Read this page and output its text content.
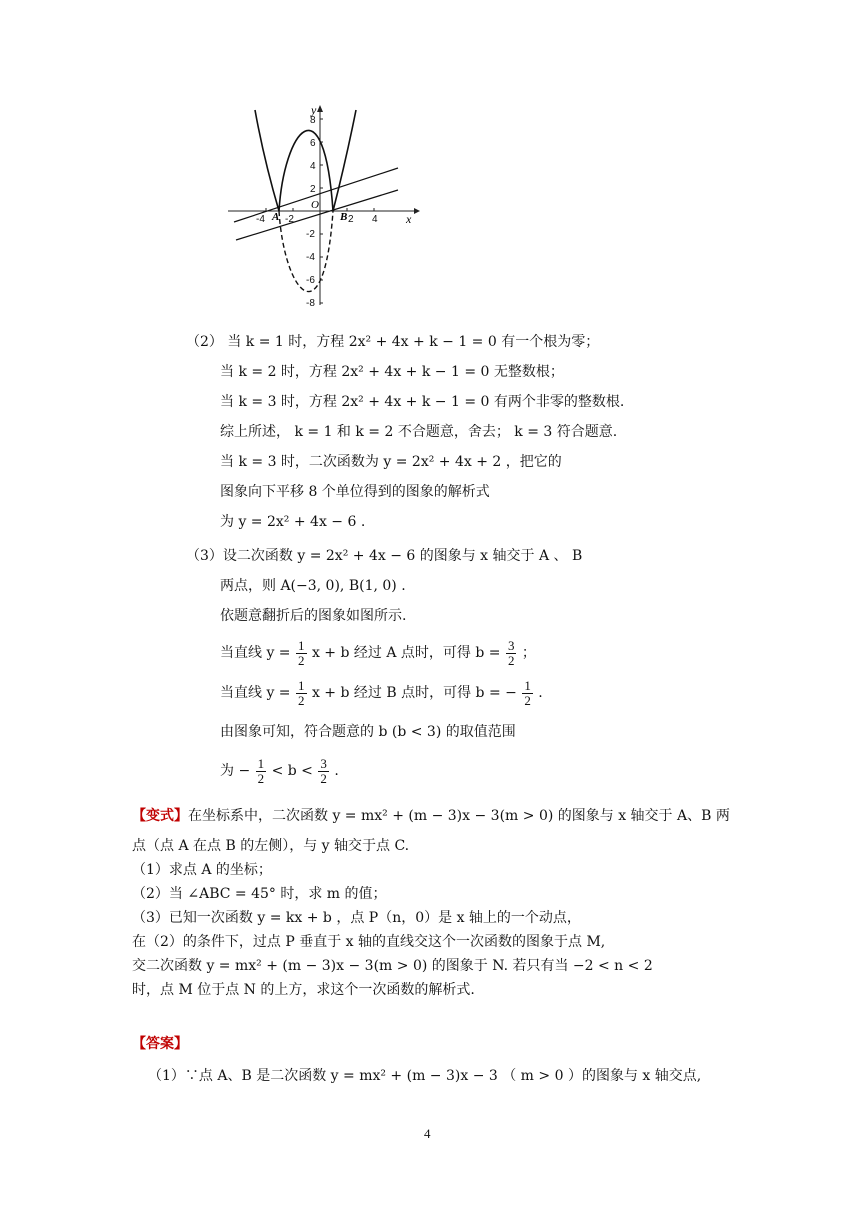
y
x
O
A	B
8
6
4
2
-2
-4
-6
-8
-4 -2	2 4
（2） 当 k = 1 时，方程 2x² + 4x + k − 1 = 0 有一个根为零；
当 k = 2 时，方程 2x² + 4x + k − 1 = 0 无整数根；
当 k = 3 时，方程 2x² + 4x + k − 1 = 0 有两个非零的整数根.
综上所述， k = 1 和 k = 2 不合题意，舍去； k = 3 符合题意.
当 k = 3 时，二次函数为 y = 2x² + 4x + 2 ，把它的
图象向下平移 8 个单位得到的图象的解析式
为 y = 2x² + 4x − 6 .
（3）设二次函数 y = 2x² + 4x − 6 的图象与 x 轴交于 A 、 B
两点，则 A(−3, 0), B(1, 0) .
依题意翻折后的图象如图所示.
当直线 $y = \frac{1}{2}$ x + b 经过 A 点时，可得 $b = \frac{3}{2}$ ；
当直线 $y = \frac{1}{2}$ x + b 经过 B 点时，可得 b = − $\frac{1}{2}$ .
由图象可知，符合题意的 b (b < 3) 的取值范围
为 − $\frac{1}{2} < b < \frac{3}{2}$ .
【变式】在坐标系中，二次函数 y = mx² + (m − 3)x − 3(m > 0) 的图象与 x 轴交于 A、B 两
点（点 A 在点 B 的左侧），与 y 轴交于点 C.
（1）求点 A 的坐标；
（2）当 ∠ABC = 45° 时，求 m 的值；
（3）已知一次函数 y = kx + b ，点 P（n，0）是 x 轴上的一个动点，
在（2）的条件下，过点 P 垂直于 x 轴的直线交这个一次函数的图象于点 M,
交二次函数 y = mx² + (m − 3)x − 3(m > 0) 的图象于 N. 若只有当 −2 < n < 2
时，点 M 位于点 N 的上方，求这个一次函数的解析式.
【答案】
（1）∵点 A、B 是二次函数 y = mx² + (m − 3)x − 3 （ m > 0 ）的图象与 x 轴交点,
4
